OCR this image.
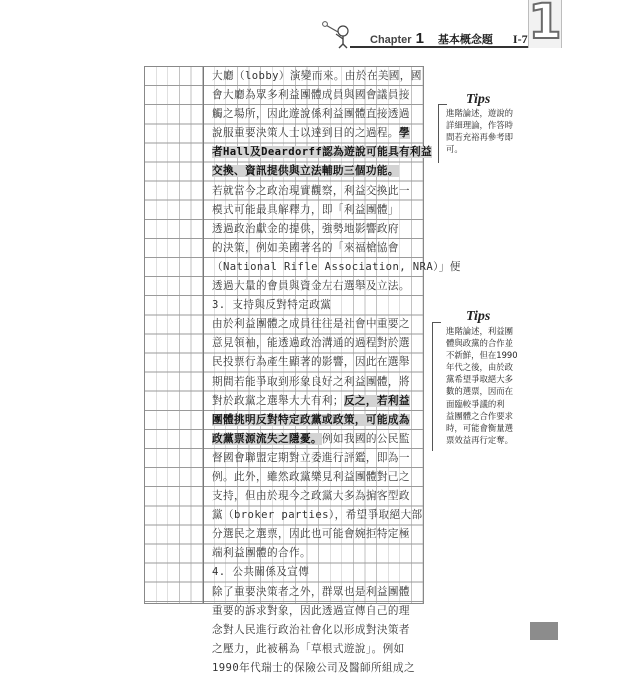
1
Chapter 1 基本概念題 I-7
大廳（lobby）演變而來。由於在美國，國
會大廳為眾多利益團體成員與國會議員接
觸之場所，因此遊說係利益團體直接透過
說服重要決策人士以達到目的之過程。學
者Hall及Deardorff認為遊說可能具有利益
交換、資訊提供與立法輔助三個功能。
若就當今之政治現實觀察，利益交換此一
模式可能最具解釋力，即「利益團體」
透過政治獻金的提供，強勢地影響政府
的決策，例如美國著名的「來福槍協會
（National Rifle Association, NRA）」便
透過大量的會員與資金左右選舉及立法。
3. 支持與反對特定政黨
由於利益團體之成員往往是社會中重要之
意見領袖，能透過政治溝通的過程對於選
民投票行為產生顯著的影響，因此在選舉
期間若能爭取到形象良好之利益團體，將
對於政黨之選舉大大有利；反之，若利益
團體挑明反對特定政黨或政策，可能成為
政黨票源流失之隱憂。例如我國的公民監
督國會聯盟定期對立委進行評鑑，即為一
例。此外，雖然政黨樂見利益團體對己之
支持，但由於現今之政黨大多為掮客型政
黨（broker parties），希望爭取絕大部
分選民之選票，因此也可能會婉拒特定極
端利益團體的合作。
4. 公共關係及宣傳
除了重要決策者之外，群眾也是利益團體
重要的訴求對象，因此透過宣傳自己的理
念對人民進行政治社會化以形成對決策者
之壓力，此被稱為「草根式遊說」。例如
1990年代瑞士的保險公司及醫師所組成之
Tips
進階論述，遊說的
詳細理論，作答時
間若充裕再參考即
可。
Tips
進階論述，利益團
體與政黨的合作並
不新鮮，但在1990
年代之後，由於政
黨希望爭取絕大多
數的選票，因而在
面臨較爭議的利
益團體之合作要求
時，可能會衡量選
票效益再行定奪。
